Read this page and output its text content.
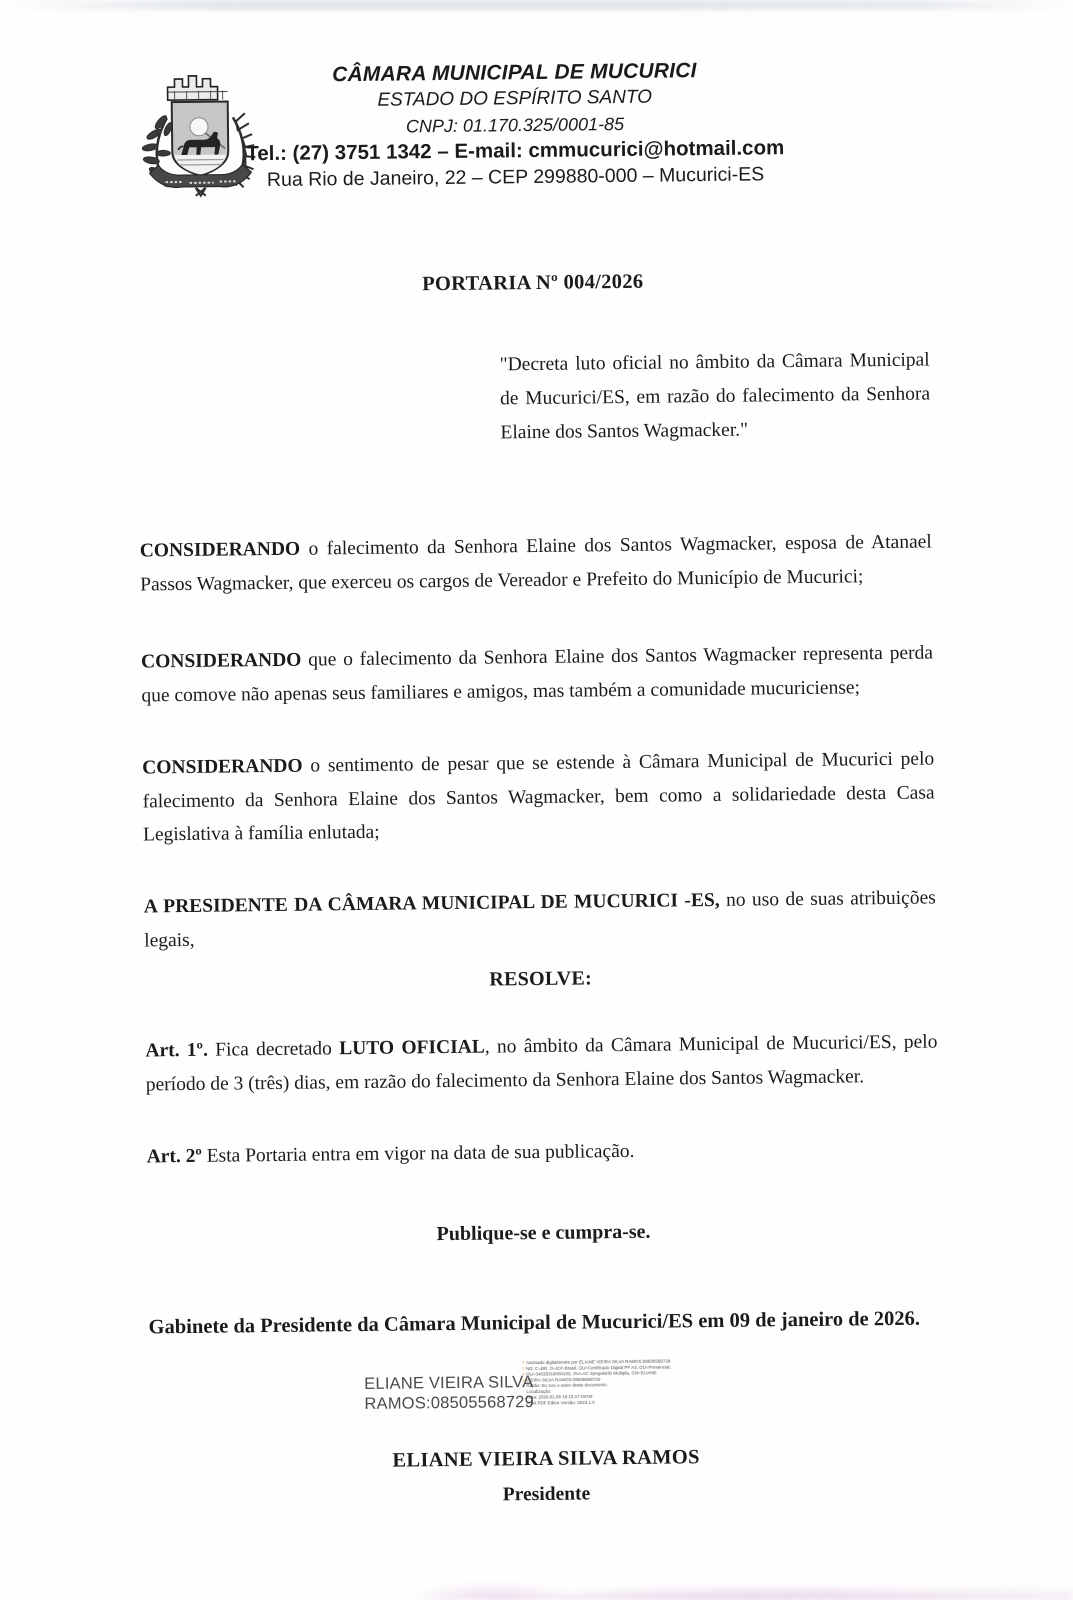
CÂMARA MUNICIPAL DE MUCURICI
ESTADO DO ESPÍRITO SANTO
CNPJ: 01.170.325/0001-85
Tel.: (27) 3751 1342 – E-mail: cmmucurici@hotmail.com
Rua Rio de Janeiro, 22 – CEP 299880-000 – Mucurici-ES
PORTARIA Nº 004/2026
"Decreta luto oficial no âmbito da Câmara Municipal de Mucurici/ES, em razão do falecimento da Senhora Elaine dos Santos Wagmacker."
CONSIDERANDO o falecimento da Senhora Elaine dos Santos Wagmacker, esposa de Atanael Passos Wagmacker, que exerceu os cargos de Vereador e Prefeito do Município de Mucurici;
CONSIDERANDO que o falecimento da Senhora Elaine dos Santos Wagmacker representa perda que comove não apenas seus familiares e amigos, mas também a comunidade mucuriciense;
CONSIDERANDO o sentimento de pesar que se estende à Câmara Municipal de Mucurici pelo falecimento da Senhora Elaine dos Santos Wagmacker, bem como a solidariedade desta Casa Legislativa à família enlutada;
A PRESIDENTE DA CÂMARA MUNICIPAL DE MUCURICI -ES, no uso de suas atribuições legais,
RESOLVE:
Art. 1º. Fica decretado LUTO OFICIAL, no âmbito da Câmara Municipal de Mucurici/ES, pelo período de 3 (três) dias, em razão do falecimento da Senhora Elaine dos Santos Wagmacker.
Art. 2º Esta Portaria entra em vigor na data de sua publicação.
Publique-se e cumpra-se.
Gabinete da Presidente da Câmara Municipal de Mucurici/ES em 09 de janeiro de 2026.
ELIANE VIEIRA SILVA
RAMOS:08505568729
Assinado digitalmente por ELIANE VIEIRA SILVA RAMOS:08505568729
ND: C=BR, O=ICP-Brasil, OU=Certificado Digital PF A3, OU=Presencial,
OU=34028316000103, OU=AC SyngularID Multipla, CN=ELIANE
VIEIRA SILVA RAMOS:08505568729
Razão: Eu sou o autor deste documento
Localização:
Data: 2026.01.09 16:15:17-03'00'
Foxit PDF Editor Versão: 2023.1.0
ELIANE VIEIRA SILVA RAMOS
Presidente
